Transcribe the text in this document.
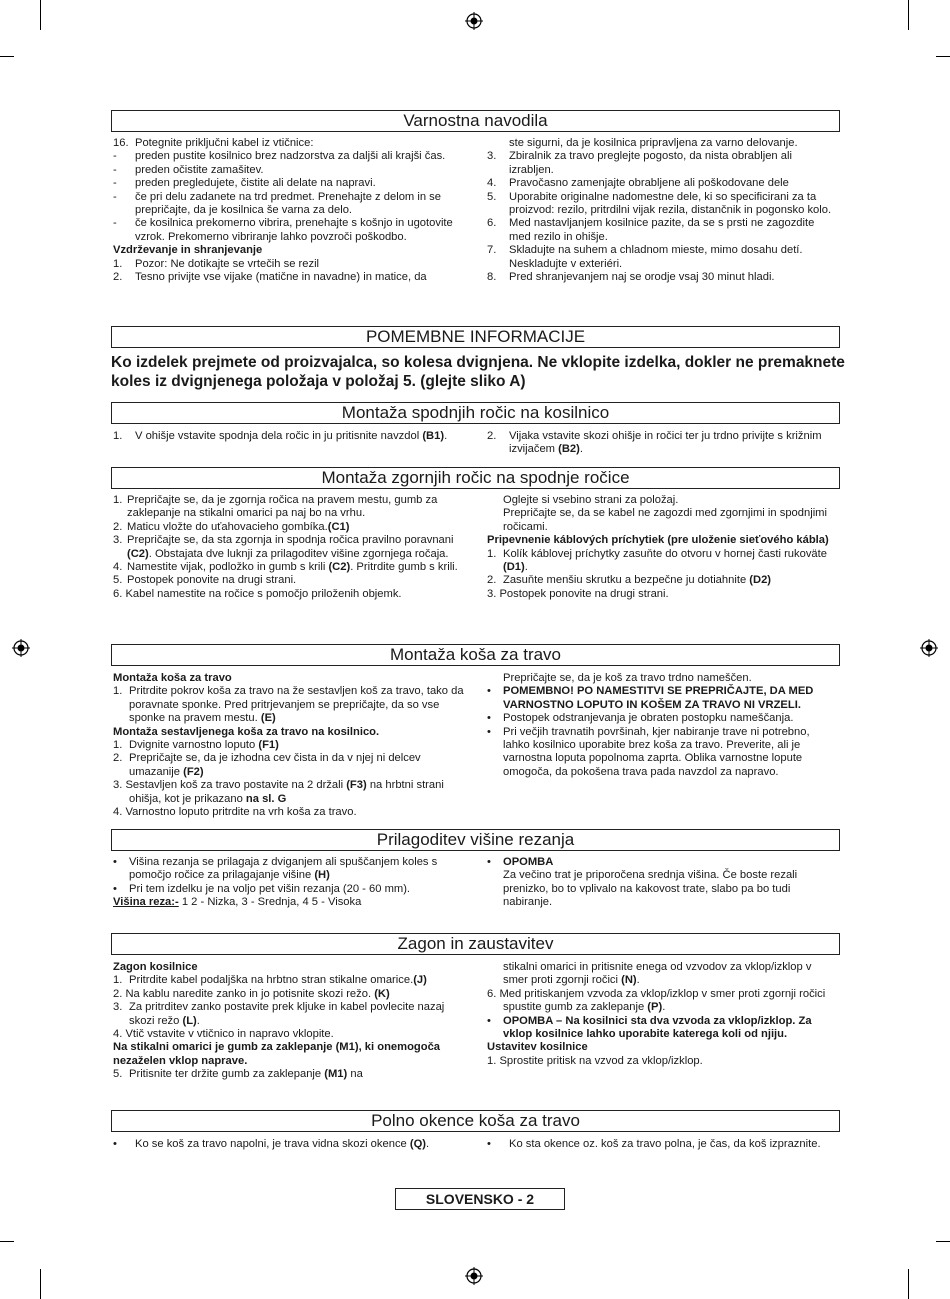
Varnostna navodila
16. Potegnite priključni kabel iz vtičnice:
-	preden pustite kosilnico brez nadzorstva za daljši ali krajši čas.
-	preden očistite zamašitev.
-	preden pregledujete, čistite ali delate na napravi.
-	če pri delu zadanete na trd predmet. Prenehajte z delom in se prepričajte, da je kosilnica še varna za delo.
-	če kosilnica prekomerno vibrira, prenehajte s košnjo in ugotovite vzrok. Prekomerno vibriranje lahko povzroči poškodbo.
Vzdrževanje in shranjevanje
1.	Pozor: Ne dotikajte se vrtečih se rezil
2.	Tesno privijte vse vijake (matične in navadne) in matice, da
ste sigurni, da je kosilnica pripravljena za varno delovanje.
3.	Zbiralnik za travo preglejte pogosto, da nista obrabljen ali izrabljen.
4.	Pravočasno zamenjajte obrabljene ali poškodovane dele
5.	Uporabite originalne nadomestne dele, ki so specificirani za ta proizvod: rezilo, pritrdilni vijak rezila, distančnik in pogonsko kolo.
6.	Med nastavljanjem kosilnice pazite, da se s prsti ne zagozdite med rezilo in ohišje.
7.	Skladujte na suhem a chladnom mieste, mimo dosahu detí. Neskladujte v exteriéri.
8.	Pred shranjevanjem naj se orodje vsaj 30 minut hladi.
POMEMBNE INFORMACIJE
Ko izdelek prejmete od proizvajalca, so kolesa dvignjena. Ne vklopite izdelka, dokler ne premaknete koles iz dvignjenega položaja v položaj 5. (glejte sliko A)
Montaža spodnjih ročic na kosilnico
1.	V ohišje vstavite spodnja dela ročic in ju pritisnite navzdol (B1).	2.	Vijaka vstavite skozi ohišje in ročici ter ju trdno privijte s križnim izvijačem (B2).
Montaža zgornjih ročic na spodnje ročice
1. Prepričajte se, da je zgornja ročica na pravem mestu, gumb za zaklepanje na stikalni omarici pa naj bo na vrhu.
2. Maticu vložte do uťahovacieho gombíka.(C1)
3. Prepričajte se, da sta zgornja in spodnja ročica pravilno poravnani (C2). Obstajata dve luknji za prilagoditev višine zgornjega ročaja.
4. Namestite vijak, podložko in gumb s krili (C2). Pritrdite gumb s krili.
5. Postopek ponovite na drugi strani.
6. Kabel namestite na ročice s pomočjo priloženih objemk.
Oglejte si vsebino strani za položaj.
Prepričajte se, da se kabel ne zagozdi med zgornjimi in spodnjimi ročicami.
Pripevnenie káblových príchytiek (pre uloženie sieťového kábla)
1. Kolík káblovej príchytky zasuňte do otvoru v hornej časti rukoväte (D1).
2. Zasuňte menšiu skrutku a bezpečne ju dotiahnite (D2)
3. Postopek ponovite na drugi strani.
Montaža koša za travo
Montaža koša za travo
1. Pritrdite pokrov koša za travo na že sestavljen koš za travo, tako da poravnate sponke. Pred pritrjevanjem se prepričajte, da so vse sponke na pravem mestu. (E)
Montaža sestavljenega koša za travo na kosilnico.
1. Dvignite varnostno loputo (F1)
2. Prepričajte se, da je izhodna cev čista in da v njej ni delcev umazanije (F2)
3. Sestavljen koš za travo postavite na 2 držali (F3) na hrbtni strani ohišja, kot je prikazano na sl. G
4. Varnostno loputo pritrdite na vrh koša za travo.
Prepričajte se, da je koš za travo trdno nameščen.
•	POMEMBNO! PO NAMESTITVI SE PREPRIČAJTE, DA MED VARNOSTNO LOPUTO IN KOŠEM ZA TRAVO NI VRZELI.
•	Postopek odstranjevanja je obraten postopku nameščanja.
•	Pri večjih travnatih površinah, kjer nabiranje trave ni potrebno, lahko kosilnico uporabite brez koša za travo. Preverite, ali je varnostna loputa popolnoma zaprta. Oblika varnostne lopute omogoča, da pokošena trava pada navzdol za napravo.
Prilagoditev višine rezanja
•	Višina rezanja se prilagaja z dviganjem ali spuščanjem koles s pomočjo ročice za prilagajanje višine (H)
•	Pri tem izdelku je na voljo pet višin rezanja (20 - 60 mm).
Višina reza:- 1 2 - Nizka, 3 - Srednja, 4 5 - Visoka
•	OPOMBA
Za večino trat je priporočena srednja višina. Če boste rezali prenizko, bo to vplivalo na kakovost trate, slabo pa bo tudi nabiranje.
Zagon in zaustavitev
Zagon kosilnice
1. Pritrdite kabel podaljška na hrbtno stran stikalne omarice.(J)
2. Na kablu naredite zanko in jo potisnite skozi režo. (K)
3. Za pritrditev zanko postavite prek kljuke in kabel povlecite nazaj skozi režo (L).
4. Vtič vstavite v vtičnico in napravo vklopite.
Na stikalni omarici je gumb za zaklepanje (M1), ki onemogoča nezaželen vklop naprave.
5. Pritisnite ter držite gumb za zaklepanje (M1) na
stikalni omarici in pritisnite enega od vzvodov za vklop/izklop v smer proti zgornji ročici (N).
6. Med pritiskanjem vzvoda za vklop/izklop v smer proti zgornji ročici spustite gumb za zaklepanje (P).
•	OPOMBA – Na kosilnici sta dva vzvoda za vklop/izklop. Za vklop kosilnice lahko uporabite katerega koli od njiju.
Ustavitev kosilnice
1. Sprostite pritisk na vzvod za vklop/izklop.
Polno okence koša za travo
•	Ko se koš za travo napolni, je trava vidna skozi okence (Q).	•	Ko sta okence oz. koš za travo polna, je čas, da koš izpraznite.
SLOVENSKO - 2
